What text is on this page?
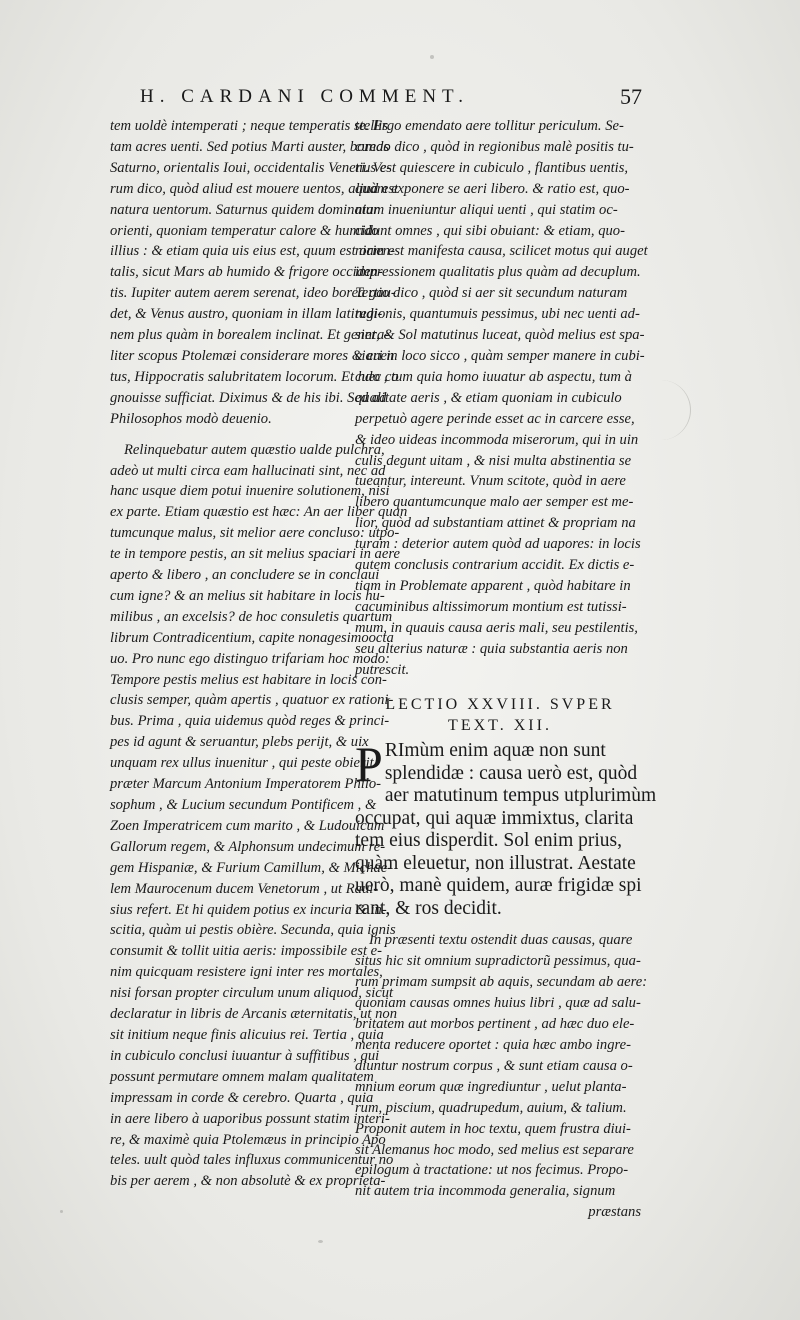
H. CARDANI COMMENT.	57
tem uoldè intemperati ; neque temperatis stellis
tam acres uenti. Sed potius Marti auster, boreas
Saturno, orientalis Ioui, occidentalis Veneri. Ve-
rum dico, quòd aliud est mouere uentos, aliud est
natura uentorum. Saturnus quidem dominatur
orienti, quoniam temperatur calore & humido
illius : & etiam quia uis eius est, quum est orien-
talis, sicut Mars ab humido & frigore occiden-
tis. Iupiter autem aerem serenat, ideo borea gau-
det, & Venus austro, quoniam in illam latitudi-
nem plus quàm in borealem inclinat. Et genera-
liter scopus Ptolemæi considerare mores & euen
tus, Hippocratis salubritatem locorum. Et hæc co
gnouisse sufficiat. Diximus & de his ibi. Sed ad
Philosophos modò deuenio.
Relinquebatur autem quæstio ualde pulchra,
adeò ut multi circa eam hallucinati sint, nec ad
hanc usque diem potui inuenire solutionem, nisi
ex parte. Etiam quæstio est hæc: An aer liber quan
tumcunque malus, sit melior aere concluso: utpo-
te in tempore pestis, an sit melius spaciari in aere
aperto & libero , an concludere se in conclaui
cum igne? & an melius sit habitare in locis hu-
milibus , an excelsis? de hoc consuletis quartum
librum Contradicentium, capite nonagesimoocta
uo. Pro nunc ego distinguo trifariam hoc modo:
Tempore pestis melius est habitare in locis con-
clusis semper, quàm apertis , quatuor ex rationi-
bus. Prima , quia uidemus quòd reges & princi-
pes id agunt & seruantur, plebs perijt, & uix
unquam rex ullus inuenitur , qui peste obierit:
præter Marcum Antonium Imperatorem Philo-
sophum , & Lucium secundum Pontificem , &
Zoen Imperatricem cum marito , & Ludouicum
Gallorum regem, & Alphonsum undecimum re-
gem Hispaniæ, & Furium Camillum, & Michae-
lem Maurocenum ducem Venetorum , ut Raui-
sius refert. Et hi quidem potius ex incuria & in-
scitia, quàm ui pestis obière. Secunda, quia ignis
consumit & tollit uitia aeris: impossibile est e-
nim quicquam resistere igni inter res mortales,
nisi forsan propter circulum unum aliquod, sicut
declaratur in libris de Arcanis æternitatis, ut non
sit initium neque finis alicuius rei. Tertia , quia
in cubiculo conclusi iuuantur à suffitibus , qui
possunt permutare omnem malam qualitatem
impressam in corde & cerebro. Quarta , quia
in aere libero à uaporibus possunt statim interi-
re, & maximè quia Ptolemæus in principio Apo
teles. uult quòd tales influxus communicentur no
bis per aerem , & non absolutè & ex proprieta-
te. Ergo emendato aere tollitur periculum. Se-
cundo dico , quòd in regionibus malè positis tu-
tius est quiescere in cubiculo , flantibus uentis,
quàm exponere se aeri libero. & ratio est, quo-
niam inueniuntur aliqui uenti , qui statim oc-
cidunt omnes , qui sibi obuiant: & etiam, quo-
niam est manifesta causa, scilicet motus qui auget
impressionem qualitatis plus quàm ad decuplum.
Tertio dico , quòd si aer sit secundum naturam
regionis, quantumuis pessimus, ubi nec uenti ad-
sint, & Sol matutinus luceat, quòd melius est spa-
ciari in loco sicco , quàm semper manere in cubi-
culo , tum quia homo iuuatur ab aspectu, tum à
qualitate aeris , & etiam quoniam in cubiculo
perpetuò agere perinde esset ac in carcere esse,
& ideo uideas incommoda miserorum, qui in uin
culis degunt uitam , & nisi multa abstinentia se
tueantur, intereunt. Vnum scitote, quòd in aere
libero quantumcunque malo aer semper est me-
lior, quòd ad substantiam attinet & propriam na
turam : deterior autem quòd ad uapores: in locis
autem conclusis contrarium accidit. Ex dictis e-
tiam in Problemate apparent , quòd habitare in
cacuminibus altissimorum montium est tutissi-
mum, in quauis causa aeris mali, seu pestilentis,
seu alterius naturæ : quia substantia aeris non
putrescit.
LECTIO XXVIII. SVPER
TEXT. XII.
P RImùm enim aquæ non sunt
splendidæ : causa uerò est, quòd
aer matutinum tempus utplurimùm
occupat, qui aquæ immixtus, clarita
tem eius disperdit. Sol enim prius,
quàm eleuetur, non illustrat. Aestate
uerò, manè quidem, auræ frigidæ spi
rant, & ros decidit.
In præsenti textu ostendit duas causas, quare
situs hic sit omnium supradictorũ pessimus, qua-
rum primam sumpsit ab aquis, secundam ab aere:
quoniam causas omnes huius libri , quæ ad salu-
britatem aut morbos pertinent , ad hæc duo ele-
menta reducere oportet : quia hæc ambo ingre-
diuntur nostrum corpus , & sunt etiam causa o-
mnium eorum quæ ingrediuntur , uelut planta-
rum, piscium, quadrupedum, auium, & talium.
Proponit autem in hoc textu, quem frustra diui-
sit Alemanus hoc modo, sed melius est separare
epilogum à tractatione: ut nos fecimus. Propo-
nit autem tria incommoda generalia, signum
præstans
